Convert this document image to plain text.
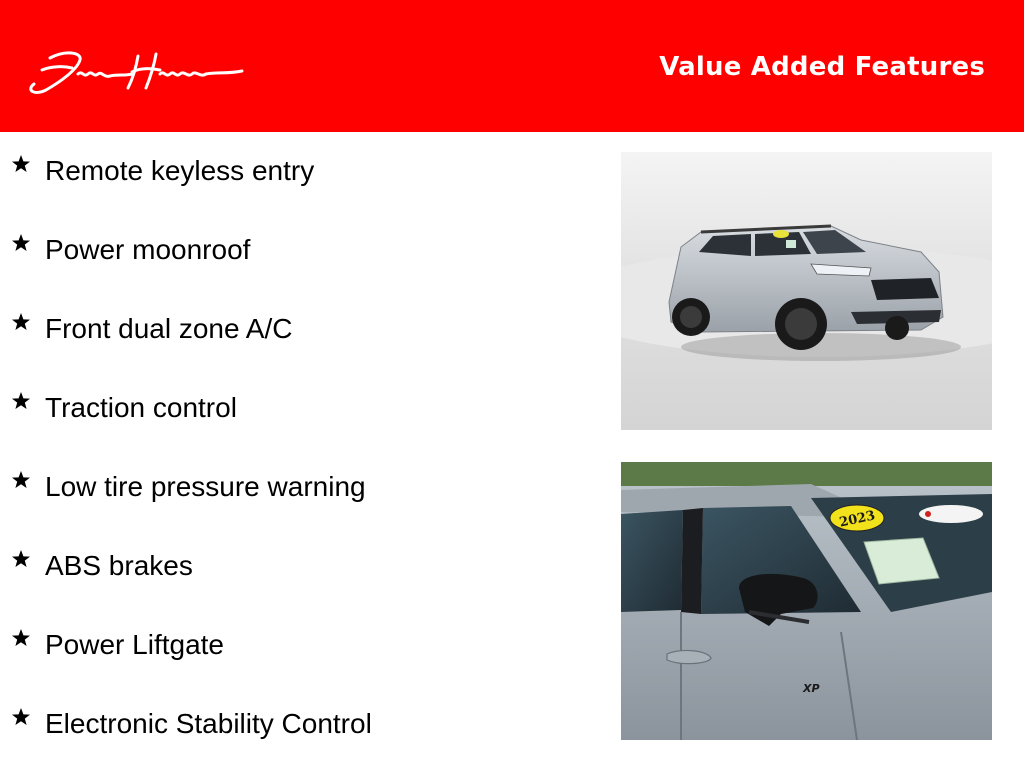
Jim Hudson
Value Added Features
Remote keyless entry
Power moonroof
Front dual zone A/C
Traction control
Low tire pressure warning
ABS brakes
Power Liftgate
Electronic Stability Control
XP
2023
